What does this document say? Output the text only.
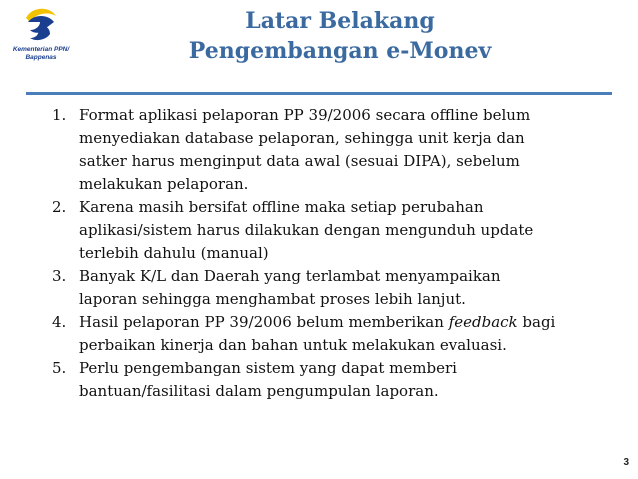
Kementerian PPN/
Bappenas
Latar Belakang
Pengembangan e-Monev
1. Format aplikasi pelaporan PP 39/2006 secara offline belum
menyediakan database pelaporan, sehingga unit kerja dan
satker harus menginput data awal (sesuai DIPA), sebelum
melakukan pelaporan.
2. Karena masih bersifat offline maka setiap perubahan
aplikasi/sistem harus dilakukan dengan mengunduh update
terlebih dahulu (manual)
3. Banyak K/L dan Daerah yang terlambat menyampaikan
laporan sehingga menghambat proses lebih lanjut.
4. Hasil pelaporan PP 39/2006 belum memberikan feedback bagi
perbaikan kinerja dan bahan untuk melakukan evaluasi.
5. Perlu pengembangan sistem yang dapat memberi
bantuan/fasilitasi dalam pengumpulan laporan.
3
